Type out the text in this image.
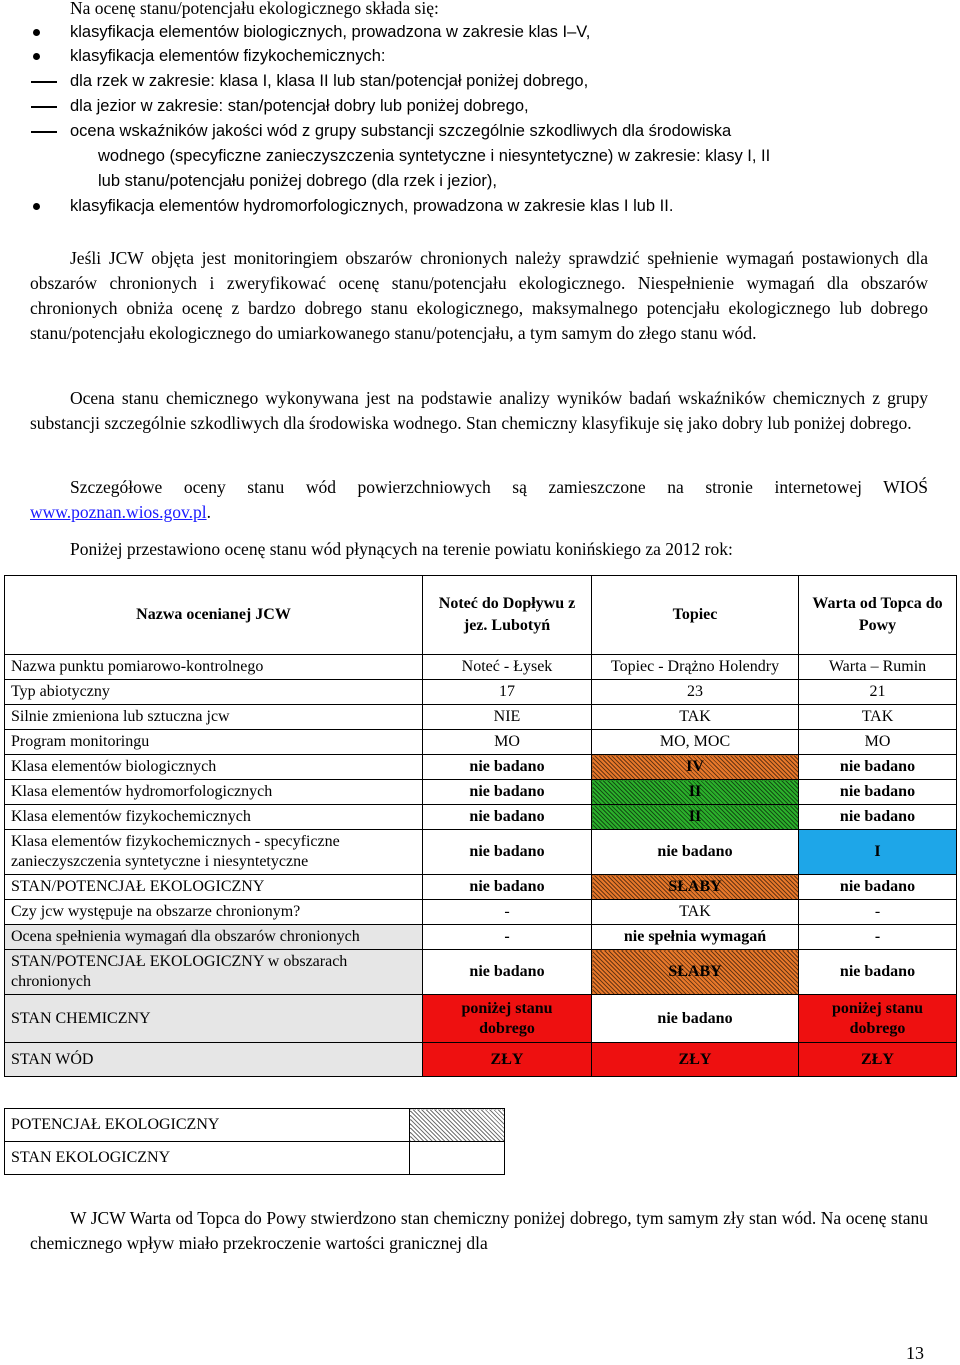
Na ocenę stanu/potencjału ekologicznego składa się:
klasyfikacja elementów biologicznych, prowadzona w zakresie klas I–V,
klasyfikacja elementów fizykochemicznych:
dla rzek w zakresie: klasa I, klasa II lub stan/potencjał poniżej dobrego,
dla jezior w zakresie: stan/potencjał dobry lub poniżej dobrego,
ocena wskaźników jakości wód z grupy substancji szczególnie szkodliwych dla środowiska
wodnego (specyficzne zanieczyszczenia syntetyczne i niesyntetyczne) w zakresie: klasy I, II
lub stanu/potencjału poniżej dobrego (dla rzek i jezior),
klasyfikacja elementów hydromorfologicznych, prowadzona w zakresie klas I lub II.
Jeśli JCW objęta jest monitoringiem obszarów chronionych należy sprawdzić spełnienie wymagań postawionych dla obszarów chronionych i zweryfikować ocenę stanu/potencjału ekologicznego. Niespełnienie wymagań dla obszarów chronionych obniża ocenę z bardzo dobrego stanu ekologicznego, maksymalnego potencjału ekologicznego lub dobrego stanu/potencjału ekologicznego do umiarkowanego stanu/potencjału, a tym samym do złego stanu wód.
Ocena stanu chemicznego wykonywana jest na podstawie analizy wyników badań wskaźników chemicznych z grupy substancji szczególnie szkodliwych dla środowiska wodnego. Stan chemiczny klasyfikuje się jako dobry lub poniżej dobrego.
Szczegółowe oceny stanu wód powierzchniowych są zamieszczone na stronie internetowej WIOŚ www.poznan.wios.gov.pl.
Poniżej przestawiono ocenę stanu wód płynących na terenie powiatu konińskiego za 2012 rok:
Nazwa ocenianej JCW	Noteć do Dopływu z jez. Lubotyń	Topiec	Warta od Topca do Powy
Nazwa punktu pomiarowo-kontrolnego	Noteć - Łysek	Topiec - Drążno Holendry	Warta – Rumin
Typ abiotyczny	17	23	21
Silnie zmieniona lub sztuczna jcw	NIE	TAK	TAK
Program monitoringu	MO	MO, MOC	MO
Klasa elementów biologicznych	nie badano	IV	nie badano
Klasa elementów hydromorfologicznych	nie badano	II	nie badano
Klasa elementów fizykochemicznych	nie badano	II	nie badano
Klasa elementów fizykochemicznych - specyficzne zanieczyszczenia syntetyczne i niesyntetyczne	nie badano	nie badano	I
STAN/POTENCJAŁ EKOLOGICZNY	nie badano	SŁABY	nie badano
Czy jcw występuje na obszarze chronionym?	-	TAK	-
Ocena spełnienia wymagań dla obszarów chronionych	-	nie spełnia wymagań	-
STAN/POTENCJAŁ EKOLOGICZNY w obszarach chronionych	nie badano	SŁABY	nie badano
STAN CHEMICZNY	poniżej stanu dobrego	nie badano	poniżej stanu dobrego
STAN WÓD	ZŁY	ZŁY	ZŁY
POTENCJAŁ EKOLOGICZNY	
STAN EKOLOGICZNY	
W JCW Warta od Topca do Powy stwierdzono stan chemiczny poniżej dobrego, tym samym zły stan wód. Na ocenę stanu chemicznego wpływ miało przekroczenie wartości granicznej dla
13
